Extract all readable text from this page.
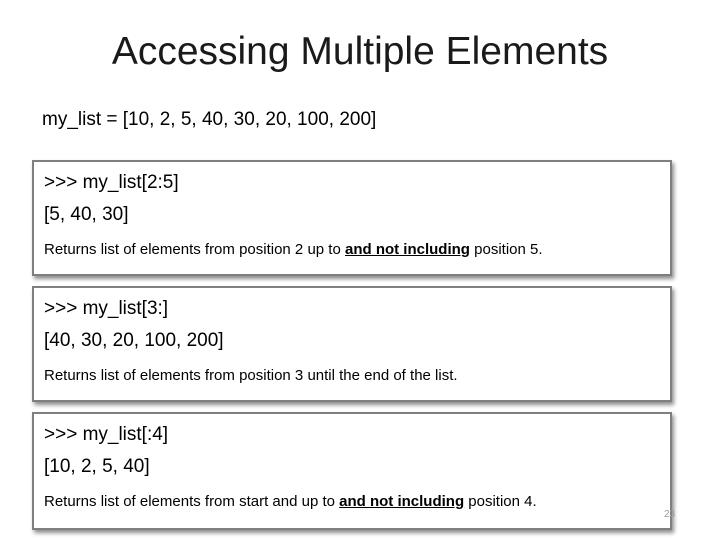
Accessing Multiple Elements
my_list = [10, 2, 5, 40, 30, 20, 100, 200]
>>> my_list[2:5]
[5, 40, 30]
Returns list of elements from position 2 up to and not including position 5.
>>> my_list[3:]
[40, 30, 20, 100, 200]
Returns list of elements from position 3 until the end of the list.
>>> my_list[:4]
[10, 2, 5, 40]
Returns list of elements from start and up to and not including position 4.
23
